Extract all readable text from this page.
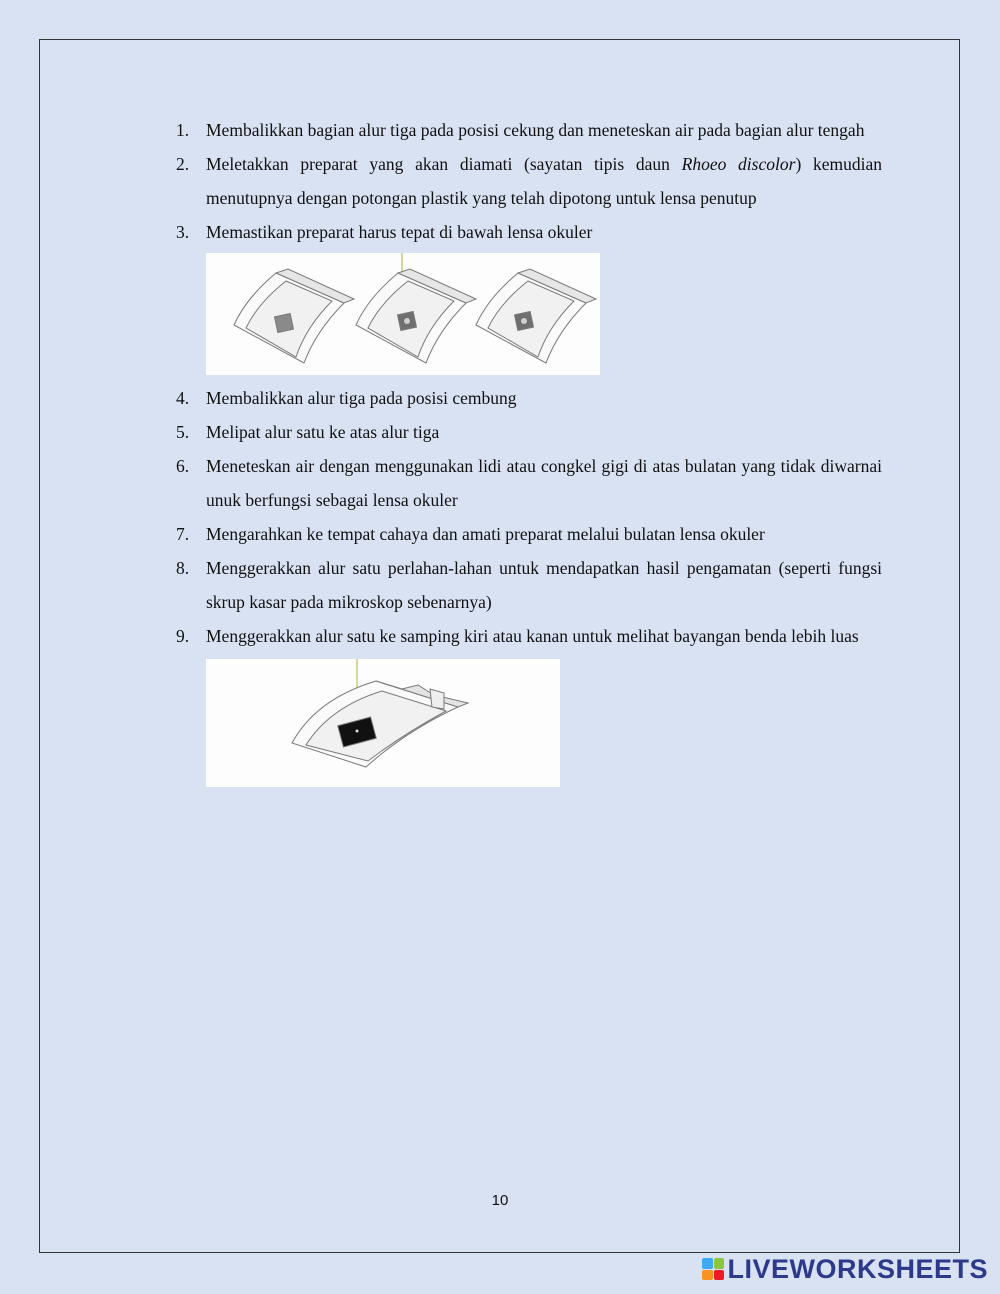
1. Membalikkan bagian alur tiga pada posisi cekung dan meneteskan air pada bagian alur tengah
2. Meletakkan preparat yang akan diamati (sayatan tipis daun Rhoeo discolor) kemudian menutupnya dengan potongan plastik yang telah dipotong untuk lensa penutup
3. Memastikan preparat harus tepat di bawah lensa okuler
4. Membalikkan alur tiga pada posisi cembung
5. Melipat alur satu ke atas alur tiga
6. Meneteskan air dengan menggunakan lidi atau congkel gigi di atas bulatan yang tidak diwarnai unuk berfungsi sebagai lensa okuler
7. Mengarahkan ke tempat cahaya dan amati preparat melalui bulatan lensa okuler
8. Menggerakkan alur satu perlahan-lahan untuk mendapatkan hasil pengamatan (seperti fungsi skrup kasar pada mikroskop sebenarnya)
9. Menggerakkan alur satu ke samping kiri atau kanan untuk melihat bayangan benda lebih luas
10
LIVEWORKSHEETS
